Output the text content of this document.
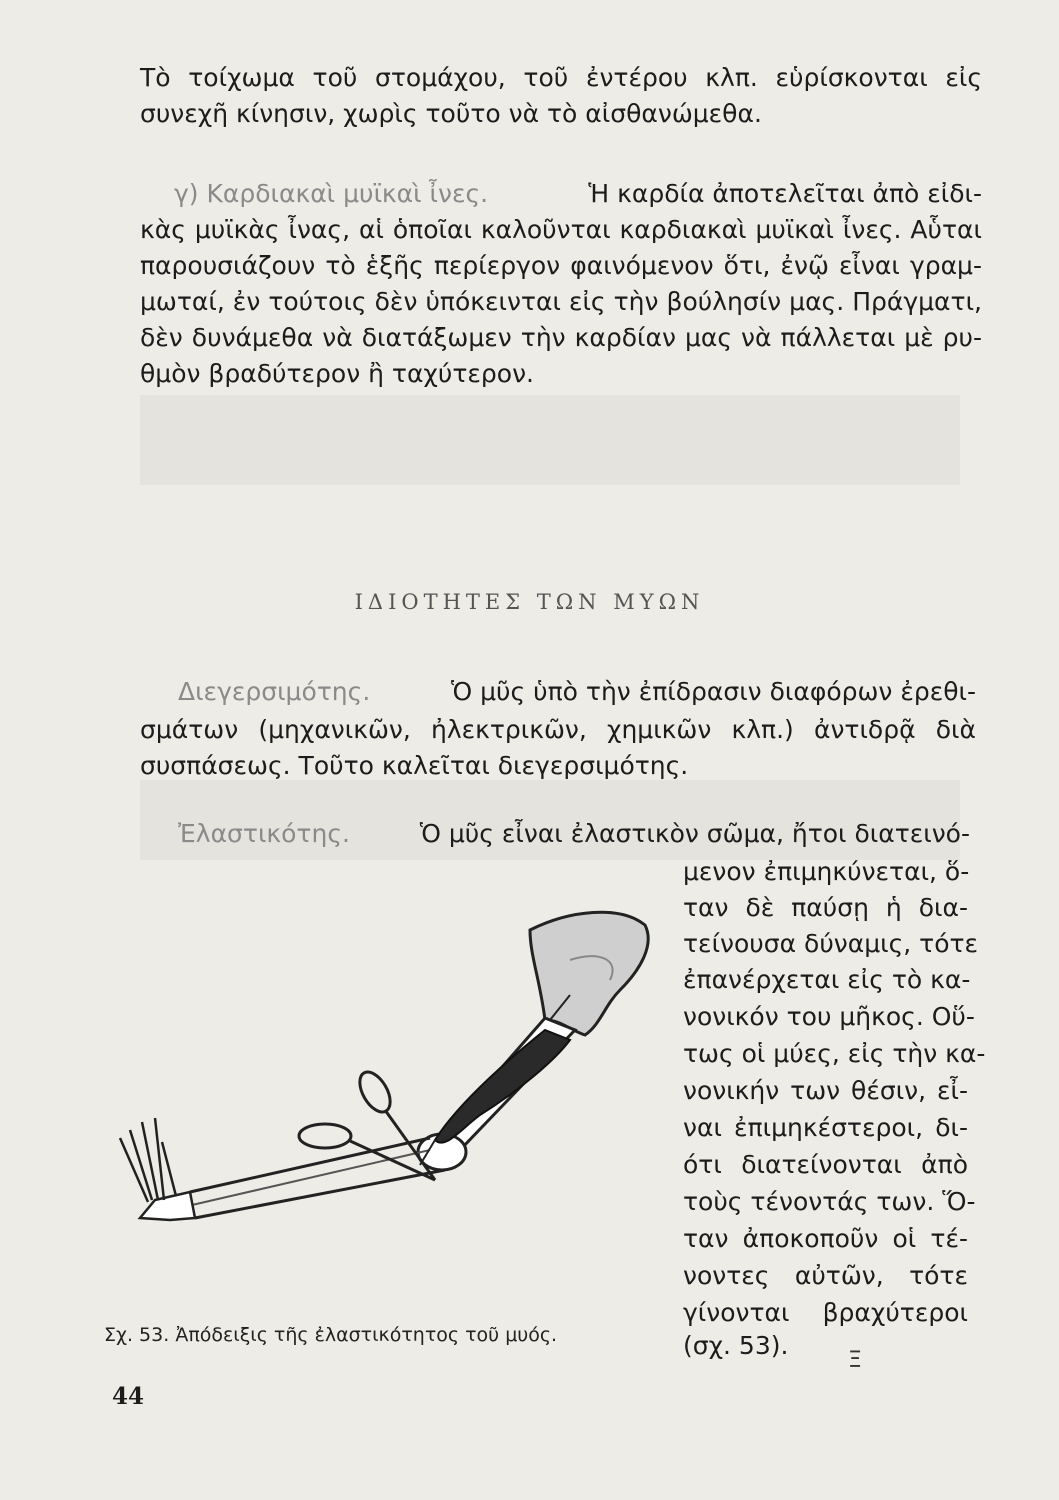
Τὸ τοίχωμα τοῦ στομάχου, τοῦ ἐντέρου κλπ. εὑρίσκονται εἰς
συνεχῆ κίνησιν, χωρὶς τοῦτο νὰ τὸ αἰσθανώμεθα.
γ) Καρδιακαὶ μυϊκαὶ ἶνες.	Ἡ καρδία ἀποτελεῖται ἀπὸ εἰδι-
κὰς μυϊκὰς ἶνας, αἱ ὁποῖαι καλοῦνται καρδιακαὶ μυϊκαὶ ἶνες. Αὗται
παρουσιάζουν τὸ ἑξῆς περίεργον φαινόμενον ὅτι, ἐνῷ εἶναι γραμ-
μωταί, ἐν τούτοις δὲν ὑπόκεινται εἰς τὴν βούλησίν μας. Πράγματι,
δὲν δυνάμεθα νὰ διατάξωμεν τὴν καρδίαν μας νὰ πάλλεται μὲ ρυ-
θμὸν βραδύτερον ἢ ταχύτερον.
ΙΔΙΟΤΗΤΕΣ ΤΩΝ ΜΥΩΝ
Διεγερσιμότης.	Ὁ μῦς ὑπὸ τὴν ἐπίδρασιν διαφόρων ἐρεθι-
σμάτων (μηχανικῶν, ἠλεκτρικῶν, χημικῶν κλπ.) ἀντιδρᾷ διὰ
συσπάσεως. Τοῦτο καλεῖται διεγερσιμότης.
Ἐλαστικότης.	Ὁ μῦς εἶναι ἐλαστικὸν σῶμα, ἤτοι διατεινό-
μενον ἐπιμηκύνεται, ὅ-
ταν δὲ παύσῃ ἡ δια-
τείνουσα δύναμις, τότε
ἐπανέρχεται εἰς τὸ κα-
νονικόν του μῆκος. Οὕ-
τως οἱ μύες, εἰς τὴν κα-
νονικήν των θέσιν, εἶ-
ναι ἐπιμηκέστεροι, δι-
ότι διατείνονται ἀπὸ
τοὺς τένοντάς των. Ὅ-
ταν ἀποκοποῦν οἱ τέ-
νοντες αὐτῶν, τότε
γίνονται βραχύτεροι
(σχ. 53).
Σχ. 53. Ἀπόδειξις τῆς ἐλαστικότητος τοῦ μυός.
44
Ξ
